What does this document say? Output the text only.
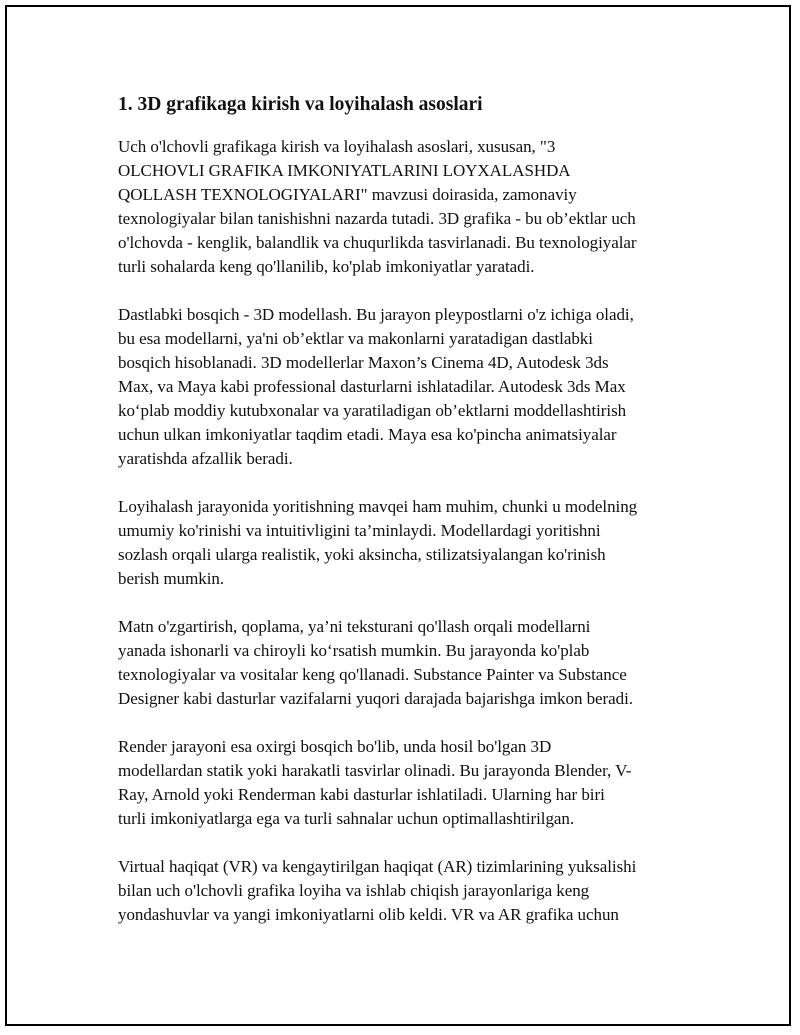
1. 3D grafikaga kirish va loyihalash asoslari

Uch o'lchovli grafikaga kirish va loyihalash asoslari, xususan, "3
OLCHOVLI GRAFIKA IMKONIYATLARINI LOYXALASHDA
QOLLASH TEXNOLOGIYALARI" mavzusi doirasida, zamonaviy
texnologiyalar bilan tanishishni nazarda tutadi. 3D grafika - bu ob’ektlar uch
o'lchovda - kenglik, balandlik va chuqurlikda tasvirlanadi. Bu texnologiyalar
turli sohalarda keng qo'llanilib, ko'plab imkoniyatlar yaratadi.

Dastlabki bosqich - 3D modellash. Bu jarayon pleypostlarni o'z ichiga oladi,
bu esa modellarni, ya'ni ob’ektlar va makonlarni yaratadigan dastlabki
bosqich hisoblanadi. 3D modellerlar Maxon’s Cinema 4D, Autodesk 3ds
Max, va Maya kabi professional dasturlarni ishlatadilar. Autodesk 3ds Max
ko‘plab moddiy kutubxonalar va yaratiladigan ob’ektlarni moddellashtirish
uchun ulkan imkoniyatlar taqdim etadi. Maya esa ko'pincha animatsiyalar
yaratishda afzallik beradi.

Loyihalash jarayonida yoritishning mavqei ham muhim, chunki u modelning
umumiy ko'rinishi va intuitivligini ta’minlaydi. Modellardagi yoritishni
sozlash orqali ularga realistik, yoki aksincha, stilizatsiyalangan ko'rinish
berish mumkin.

Matn o'zgartirish, qoplama, ya’ni teksturani qo'llash orqali modellarni
yanada ishonarli va chiroyli ko‘rsatish mumkin. Bu jarayonda ko'plab
texnologiyalar va vositalar keng qo'llanadi. Substance Painter va Substance
Designer kabi dasturlar vazifalarni yuqori darajada bajarishga imkon beradi.

Render jarayoni esa oxirgi bosqich bo'lib, unda hosil bo'lgan 3D
modellardan statik yoki harakatli tasvirlar olinadi. Bu jarayonda Blender, V-
Ray, Arnold yoki Renderman kabi dasturlar ishlatiladi. Ularning har biri
turli imkoniyatlarga ega va turli sahnalar uchun optimallashtirilgan.

Virtual haqiqat (VR) va kengaytirilgan haqiqat (AR) tizimlarining yuksalishi
bilan uch o'lchovli grafika loyiha va ishlab chiqish jarayonlariga keng
yondashuvlar va yangi imkoniyatlarni olib keldi. VR va AR grafika uchun
